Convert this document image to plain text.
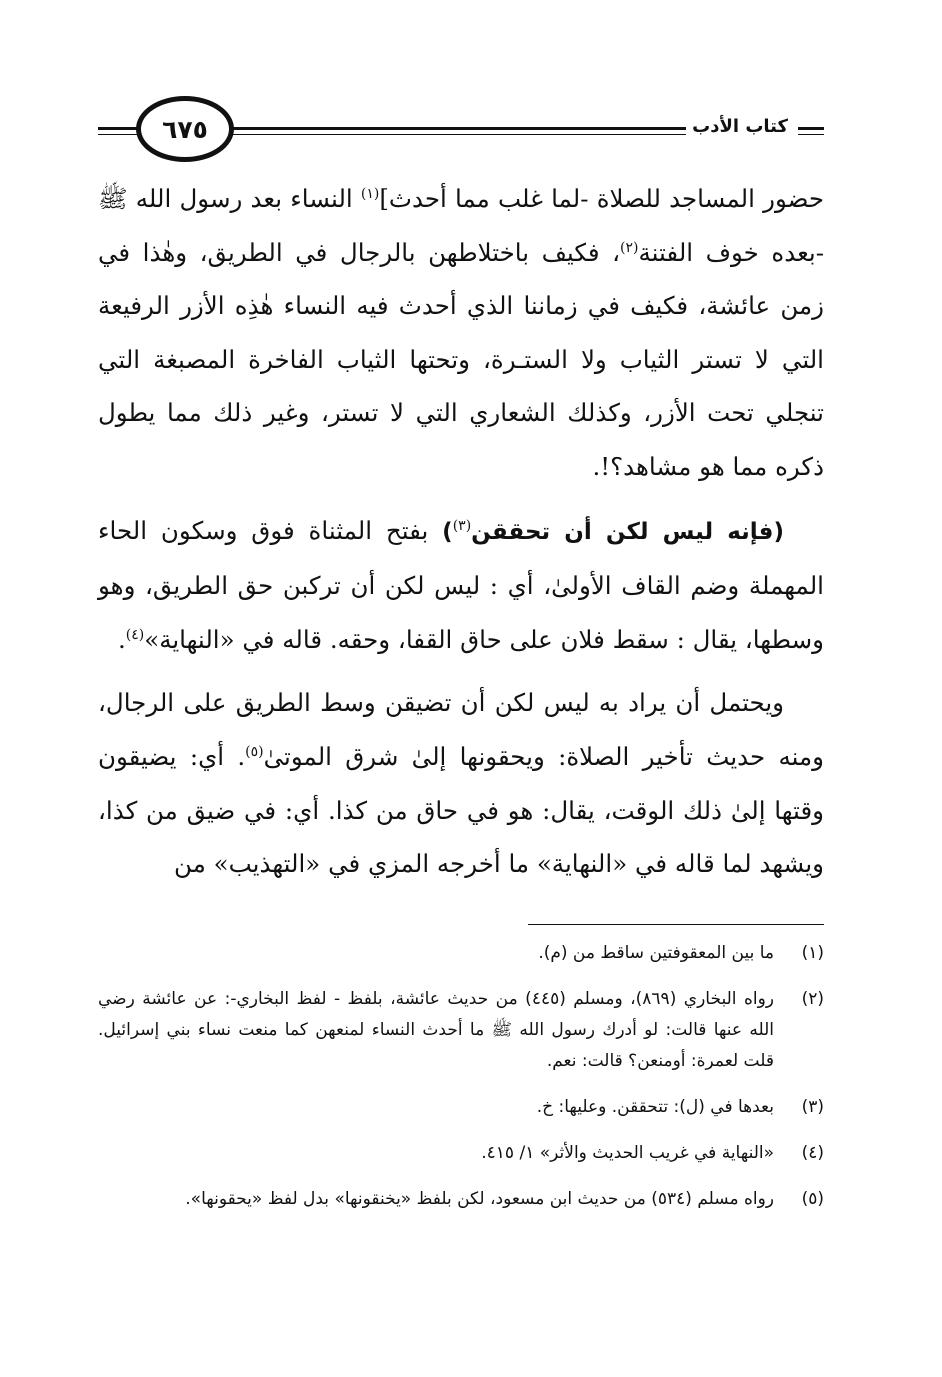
كتاب الأدب
٦٧٥

حضور المساجد للصلاة -لما غلب مما أحدث]$^{(١)}$ النساء بعد رسول الله ﷺ -بعده خوف الفتنة$^{(٢)}$، فكيف باختلاطهن بالرجال في الطريق، وهٰذا في زمن عائشة، فكيف في زماننا الذي أحدث فيه النساء هٰذِه الأزر الرفيعة التي لا تستر الثياب ولا الستـرة، وتحتها الثياب الفاخرة المصبغة التي تنجلي تحت الأزر، وكذلك الشعاري التي لا تستر، وغير ذلك مما يطول ذكره مما هو مشاهد؟!.

(فإنه ليس لكن أن تحققن$^{(٣)}$) بفتح المثناة فوق وسكون الحاء المهملة وضم القاف الأولىٰ، أي : ليس لكن أن تركبن حق الطريق، وهو وسطها، يقال : سقط فلان على حاق القفا، وحقه. قاله في «النهاية»$^{(٤)}$.

ويحتمل أن يراد به ليس لكن أن تضيقن وسط الطريق على الرجال، ومنه حديث تأخير الصلاة: ويحقونها إلىٰ شرق الموتىٰ$^{(٥)}$. أي: يضيقون وقتها إلىٰ ذلك الوقت، يقال: هو في حاق من كذا. أي: في ضيق من كذا، ويشهد لما قاله في «النهاية» ما أخرجه المزي في «التهذيب» من

(١)
ما بين المعقوفتين ساقط من (م).
(٢)
رواه البخاري (٨٦٩)، ومسلم (٤٤٥) من حديث عائشة، بلفظ - لفظ البخاري-: عن عائشة رضي الله عنها قالت: لو أدرك رسول الله ﷺ ما أحدث النساء لمنعهن كما منعت نساء بني إسرائيل. قلت لعمرة: أومنعن؟ قالت: نعم.
(٣)
بعدها في (ل): تتحققن. وعليها: خ.
(٤)
«النهاية في غريب الحديث والأثر» ١/ ٤١٥.
(٥)
رواه مسلم (٥٣٤) من حديث ابن مسعود، لكن بلفظ «يخنقونها» بدل لفظ «يحقونها».
